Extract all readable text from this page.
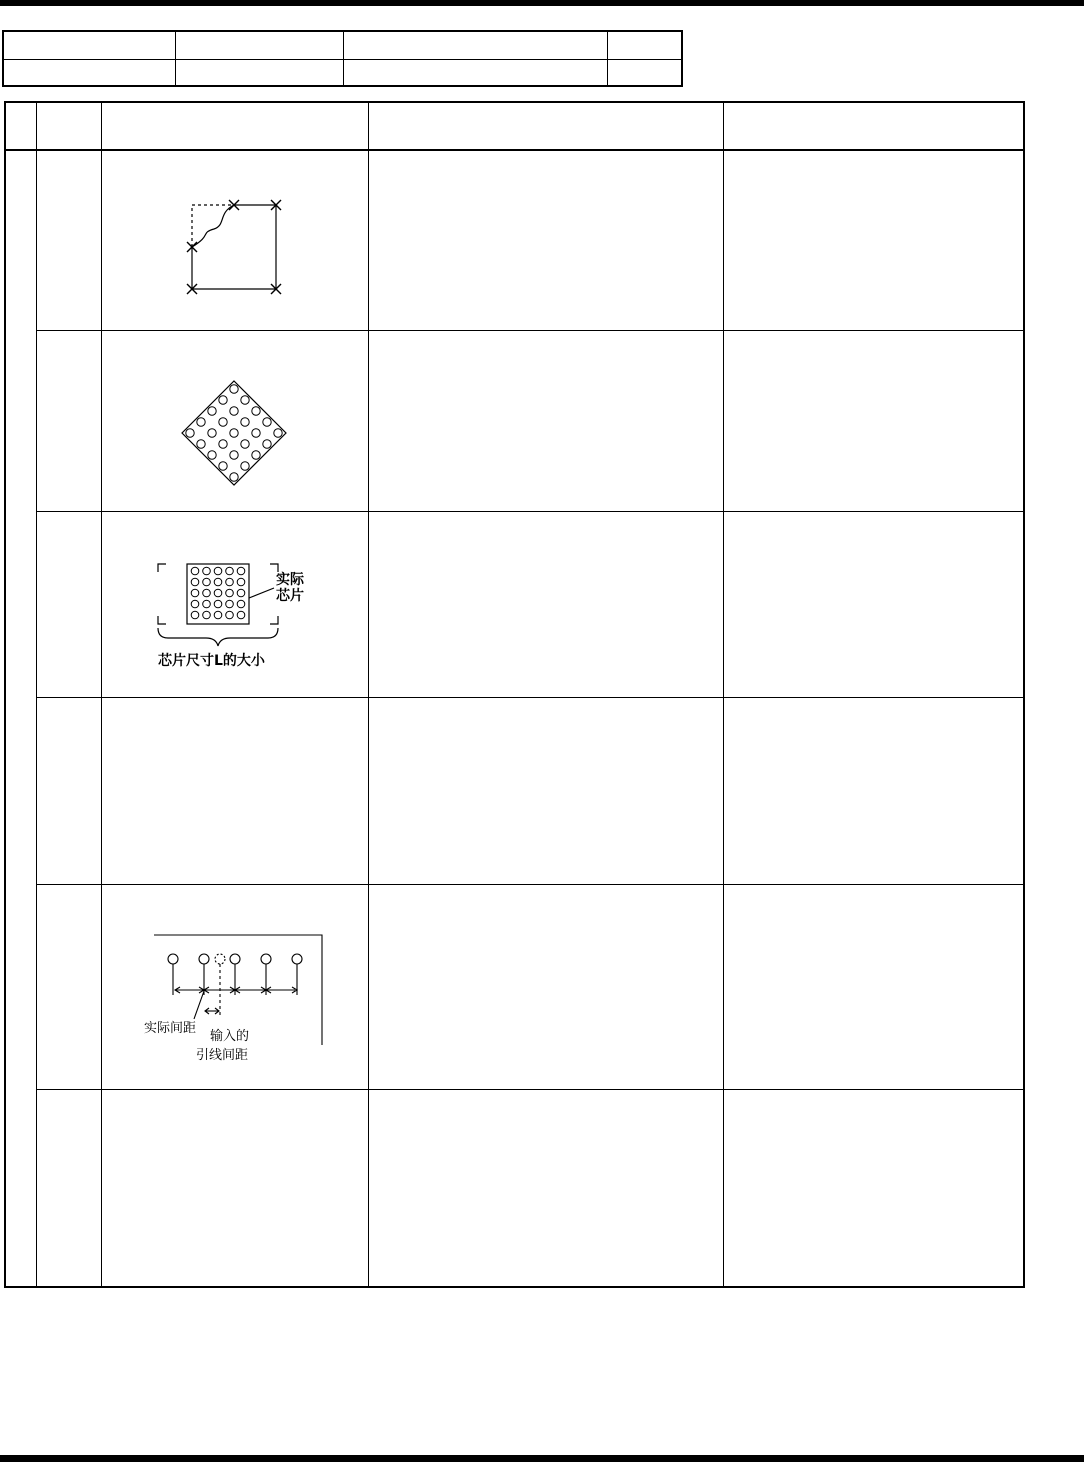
实际
芯片
芯片尺寸L的大小		

实际间距
输入的
引线间距		
